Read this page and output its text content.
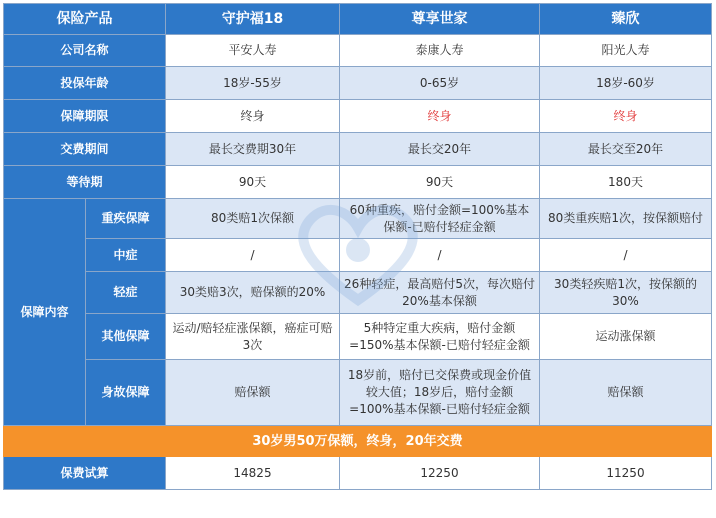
保险产品		守护福18	尊享世家	臻欣
公司名称		平安人寿	泰康人寿	阳光人寿
投保年龄		18岁-55岁	0-65岁	18岁-60岁
保障期限		终身	终身	终身
交费期间		最长交费期30年	最长交20年	最长交至20年
等待期		90天	90天	180天
保障内容	重疾保障	80类赔1次保额	60种重疾，赔付金额=100%基本保额-已赔付轻症金额	80类重疾赔1次，按保额赔付
	中症	/	/	/
	轻症	30类赔3次，赔保额的20%	26种轻症，最高赔付5次，每次赔付20%基本保额	30类轻疾赔1次，按保额的30%
	其他保障	运动/赔轻症涨保额，癌症可赔3次	5种特定重大疾病，赔付金额=150%基本保额-已赔付轻症金额	运动涨保额
	身故保障	赔保额	18岁前，赔付已交保费或现金价值较大值；18岁后，赔付金额=100%基本保额-已赔付轻症金额	赔保额
30岁男50万保额，终身，20年交费				
保费试算		14825	12250	11250
